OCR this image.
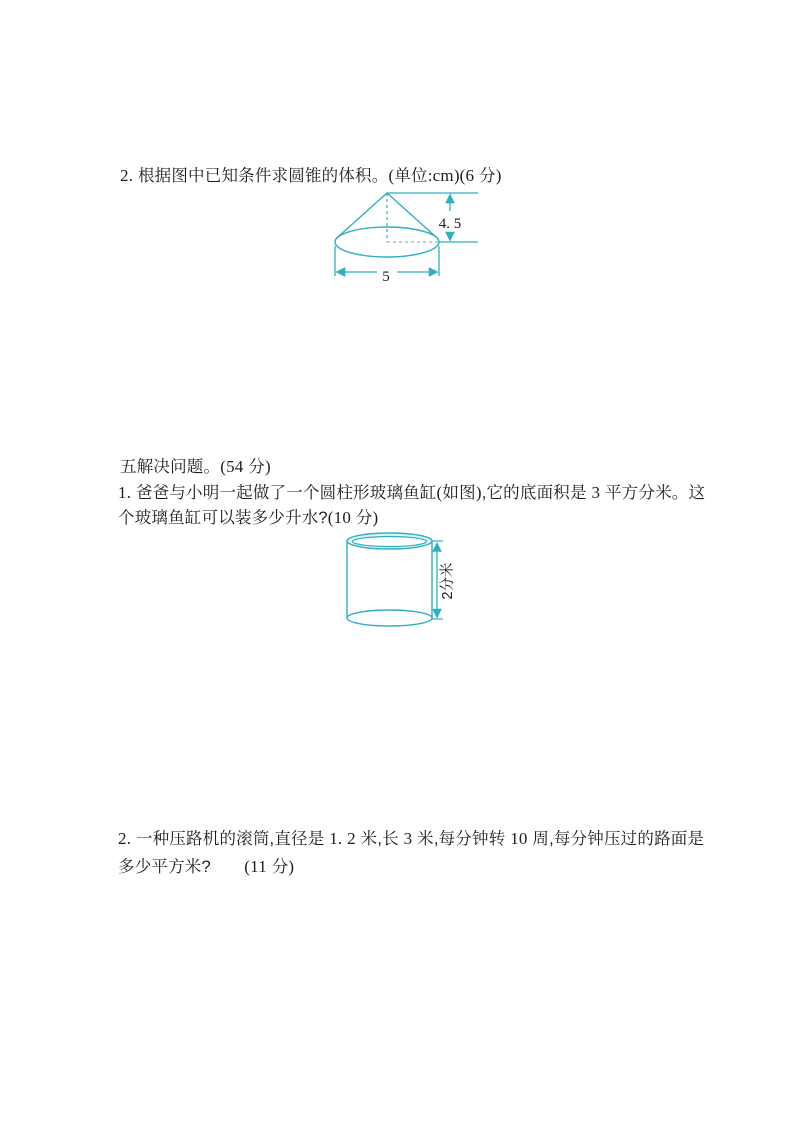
2. 根据图中已知条件求圆锥的体积。(单位:cm)(6 分)
4. 5
5
五解决问题。(54 分)
1. 爸爸与小明一起做了一个圆柱形玻璃鱼缸(如图),它的底面积是 3 平方分米。这
个玻璃鱼缸可以装多少升水?(10 分)
2分米
2. 一种压路机的滚筒,直径是 1. 2 米,长 3 米,每分钟转 10 周,每分钟压过的路面是
多少平方米?　　(11 分)
